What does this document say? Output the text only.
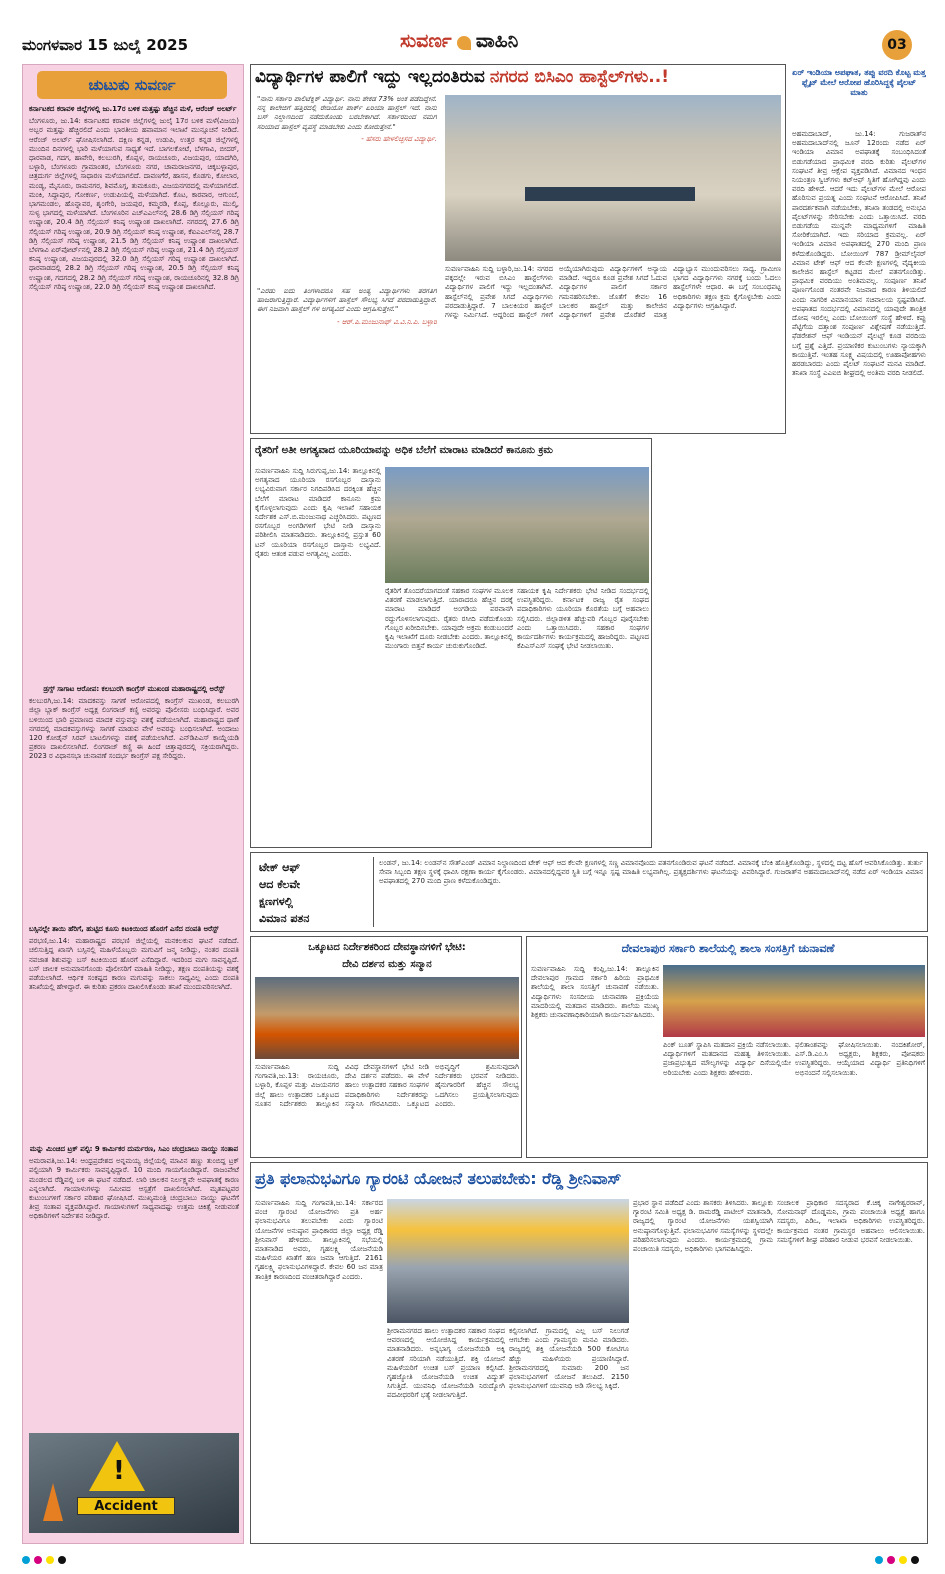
ಮಂಗಳವಾರ 15 ಜುಲೈ 2025	ಸುವರ್ಣ ವಾಹಿನಿ	03
ಚುಟುಕು ಸುವರ್ಣ

ಕರ್ನಾಟಕದ ಕರಾವಳಿ ಜಿಲ್ಲೆಗಳಲ್ಲಿ ಜು.17ರ ಬಳಿಕ ಮತ್ತಷ್ಟು ಹೆಚ್ಚಿನ ಮಳೆ, ಆರೆಂಜ್ ಅಲರ್ಟ್

ಬೆಂಗಳೂರು, ಜು.14: ಕರ್ನಾಟಕದ ಕರಾವಳಿ ಜಿಲ್ಲೆಗಳಲ್ಲಿ ಜುಲೈ 17ರ ಬಳಿಕ ಮಳೆ(ವಿಜಯ) ಅಬ್ಬರ ಮತ್ತಷ್ಟು ಹೆಚ್ಚಿರಲಿದೆ ಎಂದು ಭಾರತೀಯ ಹವಾಮಾನ ಇಲಾಖೆ ಮುನ್ಸೂಚನೆ ನೀಡಿದೆ. ಆರೆಂಜ್ ಅಲರ್ಟ್ ಘೋಷಿಸಲಾಗಿದೆ. ದಕ್ಷಿಣ ಕನ್ನಡ, ಉಡುಪಿ, ಉತ್ತರ ಕನ್ನಡ ಜಿಲ್ಲೆಗಳಲ್ಲಿ ಮುಂದಿನ ದಿನಗಳಲ್ಲಿ ಭಾರಿ ಮಳೆಯಾಗುವ ಸಾಧ್ಯತೆ ಇದೆ. ಬಾಗಲಕೋಟೆ, ಬೆಳಗಾವಿ, ಬೀದರ್, ಧಾರವಾಡ, ಗದಗ, ಹಾವೇರಿ, ಕಲಬುರಗಿ, ಕೊಪ್ಪಳ, ರಾಯಚೂರು, ವಿಜಯಪುರ, ಯಾದಗಿರಿ, ಬಳ್ಳಾರಿ, ಬೆಂಗಳೂರು ಗ್ರಾಮಾಂತರ, ಬೆಂಗಳೂರು ನಗರ, ಚಾಮರಾಜನಗರ, ಚಿಕ್ಕಬಳ್ಳಾಪುರ, ಚಿತ್ರದುರ್ಗ ಜಿಲ್ಲೆಗಳಲ್ಲಿ ಸಾಧಾರಣ ಮಳೆಯಾಗಲಿದೆ. ದಾವಣಗೆರೆ, ಹಾಸನ, ಕೊಡಗು, ಕೋಲಾರ, ಮಂಡ್ಯ, ಮೈಸೂರು, ರಾಮನಗರ, ಶಿವಮೊಗ್ಗ, ತುಮಕೂರು, ವಿಜಯನಗರದಲ್ಲಿ ಮಳೆಯಾಗಲಿದೆ. ಮಂಕಿ, ಸಿದ್ದಾಪುರ, ಗೋಕರ್ಣ, ಉಡುಪಿಯಲ್ಲಿ ಮಳೆಯಾಗಿದೆ. ಕೊಟ, ಕಾರವಾರ, ಆಗುಂಬೆ, ಭಾಗಮಂಡಲ, ಹೊನ್ನಾವರ, ಶೃಂಗೇರಿ, ಜಯಪುರ, ಕಮ್ಮರಡಿ, ಕೊಪ್ಪ, ಕೊಲ್ಲೂರು, ಮುಲ್ಕಿ, ಸುಳ್ಯ ಭಾಗದಲ್ಲಿ ಮಳೆಯಾಗಿದೆ. ಬೆಂಗಳೂರಿನ ಎಚ್‌ಎಎಲ್‌ನಲ್ಲಿ 28.6 ಡಿಗ್ರಿ ಸೆಲ್ಸಿಯಸ್ ಗರಿಷ್ಠ ಉಷ್ಣಾಂಶ, 20.4 ಡಿಗ್ರಿ ಸೆಲ್ಸಿಯಸ್ ಕನಿಷ್ಠ ಉಷ್ಣಾಂಶ ದಾಖಲಾಗಿದೆ. ನಗರದಲ್ಲಿ 27.6 ಡಿಗ್ರಿ ಸೆಲ್ಸಿಯಸ್ ಗರಿಷ್ಠ ಉಷ್ಣಾಂಶ, 20.9 ಡಿಗ್ರಿ ಸೆಲ್ಸಿಯಸ್ ಕನಿಷ್ಠ ಉಷ್ಣಾಂಶ, ಕೆಐಎಎಲ್‌ನಲ್ಲಿ 28.7 ಡಿಗ್ರಿ ಸೆಲ್ಸಿಯಸ್ ಗರಿಷ್ಠ ಉಷ್ಣಾಂಶ, 21.5 ಡಿಗ್ರಿ ಸೆಲ್ಸಿಯಸ್ ಕನಿಷ್ಠ ಉಷ್ಣಾಂಶ ದಾಖಲಾಗಿದೆ. ಬೆಳಗಾವಿ ಏರ್‌ಪೋರ್ಟ್‌ನಲ್ಲಿ 28.2 ಡಿಗ್ರಿ ಸೆಲ್ಸಿಯಸ್ ಗರಿಷ್ಠ ಉಷ್ಣಾಂಶ, 21.4 ಡಿಗ್ರಿ ಸೆಲ್ಸಿಯಸ್ ಕನಿಷ್ಠ ಉಷ್ಣಾಂಶ, ವಿಜಯಪುರದಲ್ಲಿ 32.0 ಡಿಗ್ರಿ ಸೆಲ್ಸಿಯಸ್ ಗರಿಷ್ಠ ಉಷ್ಣಾಂಶ ದಾಖಲಾಗಿದೆ. ಧಾರವಾಡದಲ್ಲಿ 28.2 ಡಿಗ್ರಿ ಸೆಲ್ಸಿಯಸ್ ಗರಿಷ್ಠ ಉಷ್ಣಾಂಶ, 20.5 ಡಿಗ್ರಿ ಸೆಲ್ಸಿಯಸ್ ಕನಿಷ್ಠ ಉಷ್ಣಾಂಶ, ಗದಗದಲ್ಲಿ 28.2 ಡಿಗ್ರಿ ಸೆಲ್ಸಿಯಸ್ ಗರಿಷ್ಠ ಉಷ್ಣಾಂಶ, ರಾಯಚೂರಿನಲ್ಲಿ 32.8 ಡಿಗ್ರಿ ಸೆಲ್ಸಿಯಸ್ ಗರಿಷ್ಠ ಉಷ್ಣಾಂಶ, 22.0 ಡಿಗ್ರಿ ಸೆಲ್ಸಿಯಸ್ ಕನಿಷ್ಠ ಉಷ್ಣಾಂಶ ದಾಖಲಾಗಿದೆ.

ಡ್ರಗ್ಸ್ ಸಾಗಾಟ ಆರೋಪ: ಕಲಬುರಗಿ ಕಾಂಗ್ರೆಸ್ ಮುಖಂಡ ಮಹಾರಾಷ್ಟ್ರದಲ್ಲಿ ಅರೆಸ್ಟ್

ಕಲಬುರಗಿ,ಜು.14: ಮಾದಕವಸ್ತು ಸಾಗಣೆ ಆರೋಪದಲ್ಲಿ ಕಾಂಗ್ರೆಸ್ ಮುಖಂಡ, ಕಲಬುರಗಿ ಜಿಲ್ಲಾ ಬ್ಲಾಕ್ ಕಾಂಗ್ರೆಸ್ ಅಧ್ಯಕ್ಷ ಲಿಂಗರಾಜ್ ಕಣ್ಣಿ ಅವರನ್ನು ಪೊಲೀಸರು ಬಂಧಿಸಿದ್ದಾರೆ. ಅವರ ಬಳಿಯಿಂದ ಭಾರಿ ಪ್ರಮಾಣದ ಮಾದಕ ವಸ್ತುವನ್ನು ವಶಕ್ಕೆ ಪಡೆಯಲಾಗಿದೆ. ಮಹಾರಾಷ್ಟ್ರದ ಥಾಣೆ ನಗರದಲ್ಲಿ ಮಾದಕವಸ್ತುಗಳನ್ನು ಸಾಗಣೆ ಮಾಡುವ ವೇಳೆ ಅವರನ್ನು ಬಂಧಿಸಲಾಗಿದೆ. ಅಂದಾಜು 120 ಕೋಡೈನ್ ಸಿರಪ್ ಬಾಟಲಿಗಳನ್ನು ವಶಕ್ಕೆ ಪಡೆಯಲಾಗಿದೆ. ಎನ್‌ಡಿಪಿಎಸ್ ಕಾಯ್ದೆಯಡಿ ಪ್ರಕರಣ ದಾಖಲಿಸಲಾಗಿದೆ. ಲಿಂಗರಾಜ್ ಕಣ್ಣಿ ಈ ಹಿಂದೆ ಚಿತ್ತಾಪುರದಲ್ಲಿ ಸಕ್ರಿಯರಾಗಿದ್ದರು. 2023 ರ ವಿಧಾನಸಭಾ ಚುನಾವಣೆ ಸಂದರ್ಭ ಕಾಂಗ್ರೆಸ್ ಪಕ್ಷ ಸೇರಿದ್ದರು.

ಬಸ್ಸಿನಲ್ಲೇ ತಾಯಿ ಹೆರಿಗೆ, ಹುಟ್ಟಿದ ಕೂಸು ಕಿಟಕಿಯಿಂದ ಹೊರಗೆ ಎಸೆದ ದಂಪತಿ ಅರೆಸ್ಟ್

ಪರಭಣಿ,ಜು.14: ಮಹಾರಾಷ್ಟ್ರದ ಪರಭಣಿ ಜಿಲ್ಲೆಯಲ್ಲಿ ಮನಕಲಕುವ ಘಟನೆ ನಡೆದಿದೆ. ಚಲಿಸುತ್ತಿದ್ದ ಖಾಸಗಿ ಬಸ್ಸಿನಲ್ಲಿ ಮಹಿಳೆಯೊಬ್ಬರು ಮಗುವಿಗೆ ಜನ್ಮ ನೀಡಿದ್ದು, ನಂತರ ದಂಪತಿ ನವಜಾತ ಶಿಶುವನ್ನು ಬಸ್ ಕಿಟಕಿಯಿಂದ ಹೊರಗೆ ಎಸೆದಿದ್ದಾರೆ. ಇದರಿಂದ ಮಗು ಸಾವನ್ನಪ್ಪಿದೆ. ಬಸ್ ಚಾಲಕ ಅನುಮಾನಗೊಂಡು ಪೊಲೀಸರಿಗೆ ಮಾಹಿತಿ ನೀಡಿದ್ದು, ತಕ್ಷಣ ದಂಪತಿಯನ್ನು ವಶಕ್ಕೆ ಪಡೆಯಲಾಗಿದೆ. ಆರ್ಥಿಕ ಸಂಕಷ್ಟದ ಕಾರಣ ಮಗುವನ್ನು ಸಾಕಲು ಸಾಧ್ಯವಿಲ್ಲ ಎಂದು ದಂಪತಿ ತನಿಖೆಯಲ್ಲಿ ಹೇಳಿದ್ದಾರೆ. ಈ ಕುರಿತು ಪ್ರಕರಣ ದಾಖಲಿಸಿಕೊಂಡು ತನಿಖೆ ಮುಂದುವರಿಸಲಾಗಿದೆ.

ಮನ್ನು ಮಿಂಚಿದ ಟ್ರಕ್ ಪಲ್ಟಿ: 9 ಕಾರ್ಮಿಕರ ದುರ್ಮರಣ, ಸಿಎಂ ಚಂದ್ರಬಾಬು ನಾಯ್ಡು ಸಂತಾಪ

ಅಮರಾವತಿ,ಜು.14: ಆಂಧ್ರಪ್ರದೇಶದ ಅನ್ನಮಯ್ಯ ಜಿಲ್ಲೆಯಲ್ಲಿ ಮಾವಿನ ಹಣ್ಣು ತುಂಬಿದ್ದ ಟ್ರಕ್ ಪಲ್ಟಿಯಾಗಿ 9 ಕಾರ್ಮಿಕರು ಸಾವನ್ನಪ್ಪಿದ್ದಾರೆ. 10 ಮಂದಿ ಗಾಯಗೊಂಡಿದ್ದಾರೆ. ರಾಜಂಪೇಟೆ ಮಂಡಲದ ರೆಡ್ಡಿಪಲ್ಲಿ ಬಳಿ ಈ ಘಟನೆ ನಡೆದಿದೆ. ಲಾರಿ ಚಾಲಕನ ನಿರ್ಲಕ್ಷ್ಯವೇ ಅಪಘಾತಕ್ಕೆ ಕಾರಣ ಎನ್ನಲಾಗಿದೆ. ಗಾಯಾಳುಗಳನ್ನು ಸಮೀಪದ ಆಸ್ಪತ್ರೆಗೆ ದಾಖಲಿಸಲಾಗಿದೆ. ಮೃತಪಟ್ಟವರ ಕುಟುಂಬಗಳಿಗೆ ಸರ್ಕಾರ ಪರಿಹಾರ ಘೋಷಿಸಿದೆ. ಮುಖ್ಯಮಂತ್ರಿ ಚಂದ್ರಬಾಬು ನಾಯ್ಡು ಘಟನೆಗೆ ತೀವ್ರ ಸಂತಾಪ ವ್ಯಕ್ತಪಡಿಸಿದ್ದಾರೆ. ಗಾಯಾಳುಗಳಿಗೆ ಸಾಧ್ಯವಾದಷ್ಟು ಉತ್ತಮ ಚಿಕಿತ್ಸೆ ನೀಡುವಂತೆ ಅಧಿಕಾರಿಗಳಿಗೆ ನಿರ್ದೇಶನ ನೀಡಿದ್ದಾರೆ.

!
Accident
ವಿದ್ಯಾರ್ಥಿಗಳ ಪಾಲಿಗೆ ಇದ್ದು ಇಲ್ಲದಂತಿರುವ ನಗರದ ಬಿಸಿಎಂ ಹಾಸ್ಟೆಲ್‌ಗಳು..!

"ನಾನು ಸರ್ಕಾರಿ ಪಾಲಿಟೆಕ್ನಿಕ್ ವಿದ್ಯಾರ್ಥಿ. ನಾನು ಶೇಕಡ 73% ಅಂಕ ಪಡೆದಿದ್ದೇನೆ. ನನ್ನ ಕಾಲೇಜಿಗೆ ಹತ್ತಿರದಲ್ಲಿ ರೇಡಿಯೋ ಪಾರ್ಕ್ ಏರಿಯಾ ಹಾಸ್ಟೆಲ್ ಇದೆ. ನಾನು ಬಸ್ ನಿಲ್ದಾಣದಿಂದ ನಡೆದುಕೊಂಡು ಬರಬೇಕಾಗಿದೆ. ಸರ್ಕಾರದಿಂದ ನಮಗೆ ಸರಿಯಾದ ಹಾಸ್ಟೆಲ್ ವ್ಯವಸ್ಥೆ ಮಾಡಬೇಕು ಎಂದು ಕೋರುತ್ತೇನೆ."

- ಹೆಸರು ಹೇಳಲಿಚ್ಛಿಸದ ವಿದ್ಯಾರ್ಥಿ.

"ಎರಡು ಐದು ತಿಂಗಳಾದರೂ ಸಹ ಅಂತ್ಯ ವಿದ್ಯಾರ್ಥಿಗಳು ತರಗತಿಗೆ ಹಾಜರಾಗುತ್ತಿದ್ದಾರೆ. ವಿದ್ಯಾರ್ಥಿಗಳಿಗೆ ಹಾಸ್ಟೆಲ್ ಸೌಲಭ್ಯ ಸಿಗದೆ ಪರದಾಡುತ್ತಿದ್ದಾರೆ. ಈಗ ನಿಜವಾಗಿ ಹಾಸ್ಟೆಲ್ ಗಳ ಅಗತ್ಯವಿದೆ ಎಂದು ಆಗ್ರಹಿಸುತ್ತೇನೆ."

- ಆರ್.ಪಿ.ಮಂಜುನಾಥ್ ವಿ.ವಿ.ನಿ.ಪಿ. ಬಳ್ಳಾರಿ

ಸುವರ್ಣವಾಹಿನಿ ಸುದ್ದಿ ಬಳ್ಳಾರಿ,ಜು.14: ನಗರದ ಪಕ್ಕದಲ್ಲೇ ಇರುವ ಬಿಸಿಎಂ ಹಾಸ್ಟೆಲ್‌ಗಳು ವಿದ್ಯಾರ್ಥಿಗಳ ಪಾಲಿಗೆ ಇದ್ದು ಇಲ್ಲದಂತಾಗಿವೆ. ಹಾಸ್ಟೆಲ್‌ನಲ್ಲಿ ಪ್ರವೇಶ ಸಿಗದೆ ವಿದ್ಯಾರ್ಥಿಗಳು ಪರದಾಡುತ್ತಿದ್ದಾರೆ. 7 ಬಾಲಕಿಯರ ಹಾಸ್ಟೆಲ್ ಗಳನ್ನು ನಿರ್ಮಿಸಿದೆ. ಆದ್ದರಿಂದ ಹಾಸ್ಟೆಲ್ ಗಳಿಗೆ ಅಯ್ಕೆಯಾಗಿರುವುದು ವಿದ್ಯಾರ್ಥಿಗಳಿಗೆ ಅನ್ಯಾಯ ಮಾಡಿದೆ. ಇದ್ದರೂ ಕೂಡ ಪ್ರವೇಶ ಸಿಗದೆ ಓದುವ ವಿದ್ಯಾರ್ಥಿಗಳ ಪಾಲಿಗೆ ಸರ್ಕಾರ ಗಮನಹರಿಸಬೇಕು. ಜೊತೆಗೆ ಕೇವಲ 16 ಬಾಲಕರ ಹಾಸ್ಟೆಲ್ ಮತ್ತು ಕಾಲೇಜಿನ ವಿದ್ಯಾರ್ಥಿಗಳಿಗೆ ಪ್ರವೇಶ ದೊರೆತರೆ ಮಾತ್ರ ವಿದ್ಯಾಭ್ಯಾಸ ಮುಂದುವರಿಸಲು ಸಾಧ್ಯ. ಗ್ರಾಮೀಣ ಭಾಗದ ವಿದ್ಯಾರ್ಥಿಗಳು ನಗರಕ್ಕೆ ಬಂದು ಓದಲು ಹಾಸ್ಟೆಲ್‌ಗಳೇ ಆಧಾರ. ಈ ಬಗ್ಗೆ ಸಂಬಂಧಪಟ್ಟ ಅಧಿಕಾರಿಗಳು ತಕ್ಷಣ ಕ್ರಮ ಕೈಗೊಳ್ಳಬೇಕು ಎಂದು ವಿದ್ಯಾರ್ಥಿಗಳು ಆಗ್ರಹಿಸಿದ್ದಾರೆ.

ಏರ್ ಇಂಡಿಯಾ ಅಪಘಾತ, ತಪ್ಪು ವರದಿ ಕೊಟ್ಟ ಮತ್ತ ಫ್ಲೈಟ್ ಮೇಲೆ ಆರೋಪ ಹೊರಿಸಿದ್ದಕ್ಕೆ ಪೈಲಟ್ ಮಾತು
ಅಹಮದಾಬಾದ್, ಜು.14: ಗುಜರಾತ್‌ನ ಅಹಮದಾಬಾದ್‌ನಲ್ಲಿ ಜೂನ್ 12ರಂದು ನಡೆದ ಏರ್ ಇಂಡಿಯಾ ವಿಮಾನ ಅಪಘಾತಕ್ಕೆ ಸಂಬಂಧಿಸಿದಂತೆ ಬಿಡುಗಡೆಯಾದ ಪ್ರಾಥಮಿಕ ವರದಿ ಕುರಿತು ಪೈಲಟ್‌ಗಳ ಸಂಘಟನೆ ತೀವ್ರ ಆಕ್ಷೇಪ ವ್ಯಕ್ತಪಡಿಸಿದೆ. ವಿಮಾನದ ಇಂಧನ ನಿಯಂತ್ರಣ ಸ್ವಿಚ್‌ಗಳು ಕಟ್‌ಆಫ್ ಸ್ಥಿತಿಗೆ ಹೋಗಿದ್ದವು ಎಂದು ವರದಿ ಹೇಳಿದೆ. ಆದರೆ ಇದು ಪೈಲಟ್‌ಗಳ ಮೇಲೆ ಆರೋಪ ಹೊರಿಸುವ ಪ್ರಯತ್ನ ಎಂದು ಸಂಘಟನೆ ಆರೋಪಿಸಿದೆ. ತನಿಖೆ ಪಾರದರ್ಶಕವಾಗಿ ನಡೆಯಬೇಕು, ತನಿಖಾ ತಂಡದಲ್ಲಿ ಅನುಭವಿ ಪೈಲಟ್‌ಗಳನ್ನು ಸೇರಿಸಬೇಕು ಎಂದು ಒತ್ತಾಯಿಸಿದೆ. ವರದಿ ಬಿಡುಗಡೆಯ ಮುನ್ನವೇ ಮಾಧ್ಯಮಗಳಿಗೆ ಮಾಹಿತಿ ಸೋರಿಕೆಯಾಗಿದೆ. ಇದು ಸರಿಯಾದ ಕ್ರಮವಲ್ಲ. ಏರ್ ಇಂಡಿಯಾ ವಿಮಾನ ಅಪಘಾತದಲ್ಲಿ 270 ಮಂದಿ ಪ್ರಾಣ ಕಳೆದುಕೊಂಡಿದ್ದರು. ಬೋಯಿಂಗ್ 787 ಡ್ರೀಮ್‌ಲೈನರ್ ವಿಮಾನ ಟೇಕ್ ಆಫ್ ಆದ ಕೆಲವೇ ಕ್ಷಣಗಳಲ್ಲಿ ವೈದ್ಯಕೀಯ ಕಾಲೇಜಿನ ಹಾಸ್ಟೆಲ್ ಕಟ್ಟಡದ ಮೇಲೆ ಪತನಗೊಂಡಿತ್ತು. ಪ್ರಾಥಮಿಕ ವರದಿಯು ಅಂತಿಮವಲ್ಲ. ಸಂಪೂರ್ಣ ತನಿಖೆ ಪೂರ್ಣಗೊಂಡ ನಂತರವೇ ನಿಜವಾದ ಕಾರಣ ತಿಳಿಯಲಿದೆ ಎಂದು ನಾಗರಿಕ ವಿಮಾನಯಾನ ಸಚಿವಾಲಯ ಸ್ಪಷ್ಟಪಡಿಸಿದೆ. ಅಪಘಾತದ ಸಂದರ್ಭದಲ್ಲಿ ವಿಮಾನದಲ್ಲಿ ಯಾವುದೇ ತಾಂತ್ರಿಕ ದೋಷ ಇರಲಿಲ್ಲ ಎಂದು ಬೋಯಿಂಗ್ ಸಂಸ್ಥೆ ಹೇಳಿದೆ. ಕಪ್ಪು ಪೆಟ್ಟಿಗೆಯ ದತ್ತಾಂಶ ಸಂಪೂರ್ಣ ವಿಶ್ಲೇಷಣೆ ನಡೆಯುತ್ತಿದೆ. ಫೆಡರೇಶನ್ ಆಫ್ ಇಂಡಿಯನ್ ಪೈಲಟ್ಸ್ ಕೂಡ ವರದಿಯ ಬಗ್ಗೆ ಪ್ರಶ್ನೆ ಎತ್ತಿದೆ. ಪ್ರಯಾಣಿಕರ ಕುಟುಂಬಗಳು ನ್ಯಾಯಕ್ಕಾಗಿ ಕಾಯುತ್ತಿವೆ. ಇಂತಹ ಸೂಕ್ಷ್ಮ ವಿಷಯದಲ್ಲಿ ಊಹಾಪೋಹಗಳು ಹರಡಬಾರದು ಎಂದು ಪೈಲಟ್ ಸಂಘಟನೆ ಮನವಿ ಮಾಡಿದೆ. ತನಿಖಾ ಸಂಸ್ಥೆ ಎಎಐಬಿ ಶೀಘ್ರದಲ್ಲಿ ಅಂತಿಮ ವರದಿ ನೀಡಲಿದೆ.
ರೈತರಿಗೆ ಅತೀ ಅಗತ್ಯವಾದ ಯೂರಿಯಾವನ್ನು ಅಧಿಕ ಬೆಲೆಗೆ ಮಾರಾಟ ಮಾಡಿದರೆ ಕಾನೂನು ಕ್ರಮ
ಸುವರ್ಣವಾಹಿನಿ ಸುದ್ದಿ ಸಿರುಗುಪ್ಪ,ಜು.14: ತಾಲ್ಲೂಕಿನಲ್ಲಿ ಅಗತ್ಯವಾದ ಯೂರಿಯಾ ರಸಗೊಬ್ಬರ ದಾಸ್ತಾನು ಲಭ್ಯವಿರುವಾಗ ಸರ್ಕಾರ ನಿಗದಿಪಡಿಸಿದ ದರಕ್ಕಿಂತ ಹೆಚ್ಚಿನ ಬೆಲೆಗೆ ಮಾರಾಟ ಮಾಡಿದರೆ ಕಾನೂನು ಕ್ರಮ ಕೈಗೊಳ್ಳಲಾಗುವುದು ಎಂದು ಕೃಷಿ ಇಲಾಖೆ ಸಹಾಯಕ ನಿರ್ದೇಶಕ ಎಸ್.ಬಿ.ಮಂಜುನಾಥ ಎಚ್ಚರಿಸಿದರು. ಪಟ್ಟಣದ ರಸಗೊಬ್ಬರ ಅಂಗಡಿಗಳಿಗೆ ಭೇಟಿ ನೀಡಿ ದಾಸ್ತಾನು ಪರಿಶೀಲಿಸಿ ಮಾತನಾಡಿದರು. ತಾಲ್ಲೂಕಿನಲ್ಲಿ ಪ್ರಸ್ತುತ 60 ಟನ್ ಯೂರಿಯಾ ರಸಗೊಬ್ಬರ ದಾಸ್ತಾನು ಲಭ್ಯವಿದೆ. ರೈತರು ಆತಂಕ ಪಡುವ ಅಗತ್ಯವಿಲ್ಲ ಎಂದರು.
ರೈತರಿಗೆ ತೊಂದರೆಯಾಗದಂತೆ ಸಹಕಾರ ಸಂಘಗಳ ಮೂಲಕ ವಿತರಣೆ ಮಾಡಲಾಗುತ್ತಿದೆ. ಯಾರಾದರೂ ಹೆಚ್ಚಿನ ದರಕ್ಕೆ ಮಾರಾಟ ಮಾಡಿದರೆ ಅಂಗಡಿಯ ಪರವಾನಗಿ ರದ್ದುಗೊಳಿಸಲಾಗುವುದು. ರೈತರು ರಸೀದಿ ಪಡೆದುಕೊಂಡು ಗೊಬ್ಬರ ಖರೀದಿಸಬೇಕು. ಯಾವುದೇ ಅಕ್ರಮ ಕಂಡುಬಂದರೆ ಕೃಷಿ ಇಲಾಖೆಗೆ ದೂರು ನೀಡಬೇಕು ಎಂದರು. ತಾಲ್ಲೂಕಿನಲ್ಲಿ ಮುಂಗಾರು ಬಿತ್ತನೆ ಕಾರ್ಯ ಚುರುಕುಗೊಂಡಿದೆ.
ಸಹಾಯಕ ಕೃಷಿ ನಿರ್ದೇಶಕರು ಭೇಟಿ ನೀಡಿದ ಸಂದರ್ಭದಲ್ಲಿ ಉಪಸ್ಥಿತರಿದ್ದರು. ಕರ್ನಾಟಕ ರಾಜ್ಯ ರೈತ ಸಂಘದ ಪದಾಧಿಕಾರಿಗಳು ಯೂರಿಯಾ ಕೊರತೆಯ ಬಗ್ಗೆ ಅಹವಾಲು ಸಲ್ಲಿಸಿದರು. ಜಿಲ್ಲಾಡಳಿತ ಹೆಚ್ಚುವರಿ ಗೊಬ್ಬರ ಪೂರೈಸಬೇಕು ಎಂದು ಒತ್ತಾಯಿಸಿದರು. ಸಹಕಾರ ಸಂಘಗಳ ಕಾರ್ಯದರ್ಶಿಗಳು ಕಾರ್ಯಕ್ರಮದಲ್ಲಿ ಹಾಜರಿದ್ದರು. ಪಟ್ಟಣದ ಕೆಪಿಎಸ್‌ಎಸ್ ಸಂಘಕ್ಕೆ ಭೇಟಿ ನೀಡಲಾಯಿತು.
ಟೇಕ್ ಆಫ್
ಆದ ಕೆಲವೇ
ಕ್ಷಣಗಳಲ್ಲಿ
ವಿಮಾನ ಪತನ
ಲಂಡನ್, ಜು.14: ಲಂಡನ್‌ನ ಸೌತ್‌ಎಂಡ್ ವಿಮಾನ ನಿಲ್ದಾಣದಿಂದ ಟೇಕ್ ಆಫ್ ಆದ ಕೆಲವೇ ಕ್ಷಣಗಳಲ್ಲಿ ಸಣ್ಣ ವಿಮಾನವೊಂದು ಪತನಗೊಂಡಿರುವ ಘಟನೆ ನಡೆದಿದೆ. ವಿಮಾನಕ್ಕೆ ಬೆಂಕಿ ಹೊತ್ತಿಕೊಂಡಿದ್ದು, ಸ್ಥಳದಲ್ಲಿ ದಟ್ಟ ಹೊಗೆ ಆವರಿಸಿಕೊಂಡಿತ್ತು. ತುರ್ತು ಸೇವಾ ಸಿಬ್ಬಂದಿ ತಕ್ಷಣ ಸ್ಥಳಕ್ಕೆ ಧಾವಿಸಿ ರಕ್ಷಣಾ ಕಾರ್ಯ ಕೈಗೊಂಡರು. ವಿಮಾನದಲ್ಲಿದ್ದವರ ಸ್ಥಿತಿ ಬಗ್ಗೆ ಇನ್ನೂ ಸ್ಪಷ್ಟ ಮಾಹಿತಿ ಲಭ್ಯವಾಗಿಲ್ಲ. ಪ್ರತ್ಯಕ್ಷದರ್ಶಿಗಳು ಘಟನೆಯನ್ನು ವಿವರಿಸಿದ್ದಾರೆ. ಗುಜರಾತ್‌ನ ಅಹಮದಾಬಾದ್‌ನಲ್ಲಿ ನಡೆದ ಏರ್ ಇಂಡಿಯಾ ವಿಮಾನ ಅಪಘಾತದಲ್ಲಿ 270 ಮಂದಿ ಪ್ರಾಣ ಕಳೆದುಕೊಂಡಿದ್ದರು.
ಒಕ್ಕೂಟದ ನಿರ್ದೇಶಕರಿಂದ ದೇವಸ್ಥಾನಗಳಿಗೆ ಭೇಟಿ:
ದೇವಿ ದರ್ಶನ ಮತ್ತು ಸನ್ಮಾನ
ಸುವರ್ಣವಾಹಿನಿ ಸುದ್ದಿ ಗಂಗಾವತಿ,ಜು.13: ರಾಯಚೂರು, ಬಳ್ಳಾರಿ, ಕೊಪ್ಪಳ ಮತ್ತು ವಿಜಯನಗರ ಜಿಲ್ಲೆ ಹಾಲು ಉತ್ಪಾದಕರ ಒಕ್ಕೂಟದ ನೂತನ ನಿರ್ದೇಶಕರು ತಾಲ್ಲೂಕಿನ ವಿವಿಧ ದೇವಸ್ಥಾನಗಳಿಗೆ ಭೇಟಿ ನೀಡಿ ದೇವಿ ದರ್ಶನ ಪಡೆದರು. ಈ ವೇಳೆ ಹಾಲು ಉತ್ಪಾದಕರ ಸಹಕಾರ ಸಂಘಗಳ ಪದಾಧಿಕಾರಿಗಳು ನಿರ್ದೇಶಕರನ್ನು ಸನ್ಮಾನಿಸಿ ಗೌರವಿಸಿದರು. ಒಕ್ಕೂಟದ ಅಭಿವೃದ್ಧಿಗೆ ಶ್ರಮಿಸುವುದಾಗಿ ನಿರ್ದೇಶಕರು ಭರವಸೆ ನೀಡಿದರು. ಹೈನುಗಾರರಿಗೆ ಹೆಚ್ಚಿನ ಸೌಲಭ್ಯ ಒದಗಿಸಲು ಪ್ರಯತ್ನಿಸಲಾಗುವುದು ಎಂದರು.
ದೇವಲಾಪುರ ಸರ್ಕಾರಿ ಶಾಲೆಯಲ್ಲಿ ಶಾಲಾ ಸಂಸತ್ತಿಗೆ ಚುನಾವಣೆ
ಸುವರ್ಣವಾಹಿನಿ ಸುದ್ದಿ ಕಂಪ್ಲಿ,ಜು.14: ತಾಲ್ಲೂಕಿನ ದೇವಲಾಪುರ ಗ್ರಾಮದ ಸರ್ಕಾರಿ ಹಿರಿಯ ಪ್ರಾಥಮಿಕ ಶಾಲೆಯಲ್ಲಿ ಶಾಲಾ ಸಂಸತ್ತಿಗೆ ಚುನಾವಣೆ ನಡೆಯಿತು. ವಿದ್ಯಾರ್ಥಿಗಳು ಸಂಸದೀಯ ಚುನಾವಣಾ ಪ್ರಕ್ರಿಯೆಯ ಮಾದರಿಯಲ್ಲಿ ಮತದಾನ ಮಾಡಿದರು. ಶಾಲೆಯ ಮುಖ್ಯ ಶಿಕ್ಷಕರು ಚುನಾವಣಾಧಿಕಾರಿಯಾಗಿ ಕಾರ್ಯನಿರ್ವಹಿಸಿದರು.
ಪಿಂಕ್ ಬೂತ್ ಸ್ಥಾಪಿಸಿ ಮತದಾನ ಪ್ರಕ್ರಿಯೆ ನಡೆಸಲಾಯಿತು. ವಿದ್ಯಾರ್ಥಿಗಳಿಗೆ ಮತದಾನದ ಮಹತ್ವ ತಿಳಿಸಲಾಯಿತು. ಪ್ರಜಾಪ್ರಭುತ್ವದ ಮೌಲ್ಯಗಳನ್ನು ವಿದ್ಯಾರ್ಥಿ ದಿಸೆಯಲ್ಲಿಯೇ ಅರಿಯಬೇಕು ಎಂದು ಶಿಕ್ಷಕರು ಹೇಳಿದರು.
ಫಲಿತಾಂಶವನ್ನು ಘೋಷಿಸಲಾಯಿತು. ನಂದಕಿಶೋರ್, ಎಸ್.ಡಿ.ಎಂ.ಸಿ ಅಧ್ಯಕ್ಷರು, ಶಿಕ್ಷಕರು, ಪೋಷಕರು ಉಪಸ್ಥಿತರಿದ್ದರು. ಆಯ್ಕೆಯಾದ ವಿದ್ಯಾರ್ಥಿ ಪ್ರತಿನಿಧಿಗಳಿಗೆ ಅಭಿನಂದನೆ ಸಲ್ಲಿಸಲಾಯಿತು.
ಪ್ರತಿ ಫಲಾನುಭವಿಗೂ ಗ್ಯಾರಂಟಿ ಯೋಜನೆ ತಲುಪಬೇಕು: ರೆಡ್ಡಿ ಶ್ರೀನಿವಾಸ್
ಸುವರ್ಣವಾಹಿನಿ ಸುದ್ದಿ ಗಂಗಾವತಿ,ಜು.14: ಸರ್ಕಾರದ ಪಂಚ ಗ್ಯಾರಂಟಿ ಯೋಜನೆಗಳು ಪ್ರತಿ ಅರ್ಹ ಫಲಾನುಭವಿಗೂ ತಲುಪಬೇಕು ಎಂದು ಗ್ಯಾರಂಟಿ ಯೋಜನೆಗಳ ಅನುಷ್ಠಾನ ಪ್ರಾಧಿಕಾರದ ಜಿಲ್ಲಾ ಅಧ್ಯಕ್ಷ ರೆಡ್ಡಿ ಶ್ರೀನಿವಾಸ್ ಹೇಳಿದರು. ತಾಲ್ಲೂಕಿನಲ್ಲಿ ಸಭೆಯಲ್ಲಿ ಮಾತನಾಡಿದ ಅವರು, ಗೃಹಲಕ್ಷ್ಮಿ ಯೋಜನೆಯಡಿ ಮಹಿಳೆಯರ ಖಾತೆಗೆ ಹಣ ಜಮಾ ಆಗುತ್ತಿದೆ. 2161 ಗೃಹಲಕ್ಷ್ಮಿ ಫಲಾನುಭವಿಗಳಿದ್ದಾರೆ. ಕೇವಲ 60 ಜನ ಮಾತ್ರ ತಾಂತ್ರಿಕ ಕಾರಣದಿಂದ ವಂಚಿತರಾಗಿದ್ದಾರೆ ಎಂದರು.
ಶ್ರೀರಾಮನಗರದ ಹಾಲು ಉತ್ಪಾದಕರ ಸಹಕಾರ ಸಂಘದ ಆವರಣದಲ್ಲಿ ಆಯೋಜಿಸಿದ್ದ ಕಾರ್ಯಕ್ರಮದಲ್ಲಿ ಮಾತನಾಡಿದರು. ಅನ್ನಭಾಗ್ಯ ಯೋಜನೆಯಡಿ ಅಕ್ಕಿ ವಿತರಣೆ ಸರಿಯಾಗಿ ನಡೆಯುತ್ತಿದೆ. ಶಕ್ತಿ ಯೋಜನೆ ಮಹಿಳೆಯರಿಗೆ ಉಚಿತ ಬಸ್ ಪ್ರಯಾಣ ಕಲ್ಪಿಸಿದೆ. ಗೃಹಜ್ಯೋತಿ ಯೋಜನೆಯಡಿ ಉಚಿತ ವಿದ್ಯುತ್ ಸಿಗುತ್ತಿದೆ. ಯುವನಿಧಿ ಯೋಜನೆಯಡಿ ನಿರುದ್ಯೋಗಿ ಪದವೀಧರರಿಗೆ ಭತ್ಯೆ ನೀಡಲಾಗುತ್ತಿದೆ.
ಕಲ್ಪಿಸಲಾಗಿದೆ. ಗ್ರಾಮದಲ್ಲಿ ಎಲ್ಲ ಬಸ್ ನಿಲುಗಡೆ ಆಗಬೇಕು ಎಂದು ಗ್ರಾಮಸ್ಥರು ಮನವಿ ಮಾಡಿದರು. ರಾಜ್ಯದಲ್ಲಿ ಶಕ್ತಿ ಯೋಜನೆಯಡಿ 500 ಕೋಟಿಗೂ ಹೆಚ್ಚು ಮಹಿಳೆಯರು ಪ್ರಯಾಣಿಸಿದ್ದಾರೆ. ಶ್ರೀರಾಮನಗರದಲ್ಲಿ ಸುಮಾರು 200 ಜನ ಫಲಾನುಭವಿಗಳಿಗೆ ಯೋಜನೆ ತಲುಪಿದೆ. 2150 ಫಲಾನುಭವಿಗಳಿಗೆ ಯುವನಿಧಿ ಅಡಿ ಸೌಲಭ್ಯ ಸಿಕ್ಕಿದೆ.
ಪ್ರಭಾರ ಸ್ಥಾನ ಪಡೆದಿದೆ ಎಂದು ಶಾಸಕರು ತಿಳಿಸಿದರು. ತಾಲ್ಲೂಕು ಗ್ಯಾರಂಟಿ ಸಮಿತಿ ಅಧ್ಯಕ್ಷ ಡಿ. ರಾಮರೆಡ್ಡಿ ಪಾಟೀಲ್ ಮಾತನಾಡಿ, ರಾಜ್ಯದಲ್ಲಿ ಗ್ಯಾರಂಟಿ ಯೋಜನೆಗಳು ಯಶಸ್ವಿಯಾಗಿ ಅನುಷ್ಠಾನಗೊಳ್ಳುತ್ತಿವೆ. ಫಲಾನುಭವಿಗಳ ಸಮಸ್ಯೆಗಳನ್ನು ಸ್ಥಳದಲ್ಲೇ ಪರಿಹರಿಸಲಾಗುವುದು ಎಂದರು. ಕಾರ್ಯಕ್ರಮದಲ್ಲಿ ಗ್ರಾಮ ಪಂಚಾಯಿತಿ ಸದಸ್ಯರು, ಅಧಿಕಾರಿಗಳು ಭಾಗವಹಿಸಿದ್ದರು.
ಸಂಚಾಲಕ ಪ್ರಾಧಿಕಾರ ಸದಸ್ಯರಾದ ಕೆ.ಚಿಕ್ಕ ನಾಗೇಶ್ವರರಾವ್, ಸೋಮನಾಥ್ ದೊಡ್ಡಮನಿ, ಗ್ರಾಮ ಪಂಚಾಯಿತಿ ಅಧ್ಯಕ್ಷೆ ಹಾಗೂ ಸದಸ್ಯರು, ಪಿಡಿಒ, ಇಲಾಖಾ ಅಧಿಕಾರಿಗಳು ಉಪಸ್ಥಿತರಿದ್ದರು. ಕಾರ್ಯಕ್ರಮದ ನಂತರ ಗ್ರಾಮಸ್ಥರ ಅಹವಾಲು ಆಲಿಸಲಾಯಿತು. ಸಮಸ್ಯೆಗಳಿಗೆ ಶೀಘ್ರ ಪರಿಹಾರ ನೀಡುವ ಭರವಸೆ ನೀಡಲಾಯಿತು.
